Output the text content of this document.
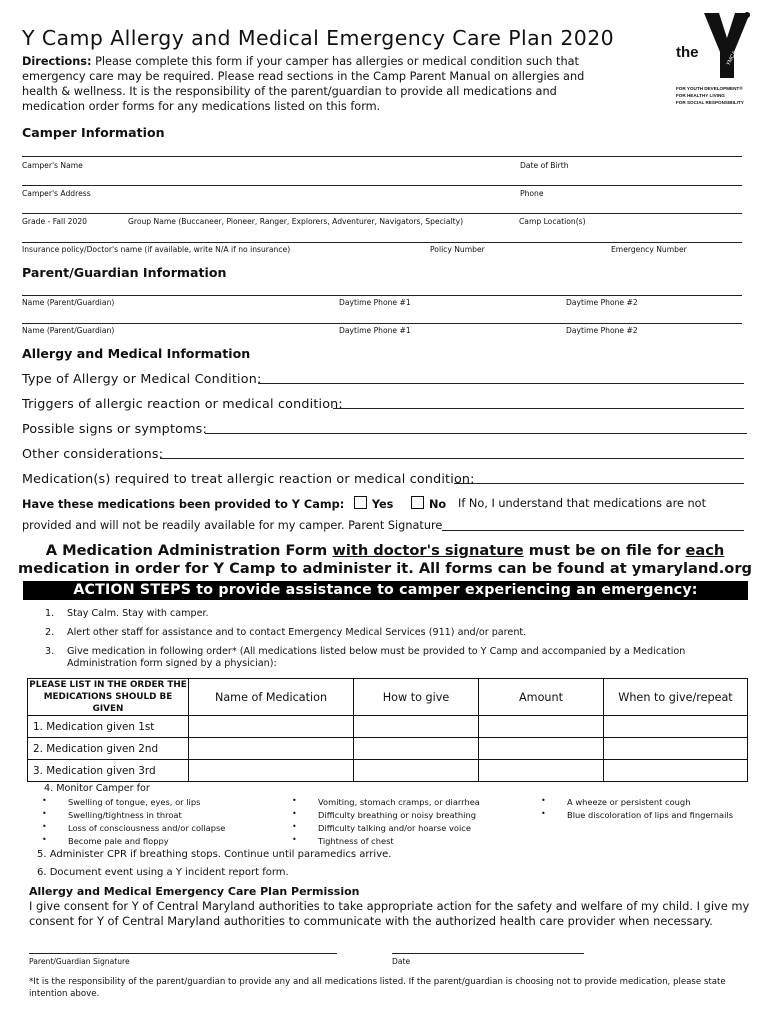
Y Camp Allergy and Medical Emergency Care Plan 2020
Directions: Please complete this form if your camper has allergies or medical condition such that emergency care may be required. Please read sections in the Camp Parent Manual on allergies and health & wellness. It is the responsibility of the parent/guardian to provide all medications and medication order forms for any medications listed on this form.
the	YMCA
FOR YOUTH DEVELOPMENT®
FOR HEALTHY LIVING
FOR SOCIAL RESPONSIBILITY
Camper Information
Camper's Name	Date of Birth
Camper's Address	Phone
Grade - Fall 2020	Group Name (Buccaneer, Pioneer, Ranger, Explorers, Adventurer, Navigators, Specialty)	Camp Location(s)
Insurance policy/Doctor's name (if available, write N/A if no insurance)	Policy Number	Emergency Number
Parent/Guardian Information
Name (Parent/Guardian)	Daytime Phone #1	Daytime Phone #2
Name (Parent/Guardian)	Daytime Phone #1	Daytime Phone #2
Allergy and Medical Information
Type of Allergy or Medical Condition:
Triggers of allergic reaction or medical condition:
Possible signs or symptoms:
Other considerations:
Medication(s) required to treat allergic reaction or medical condition:
Have these medications been provided to Y Camp: Yes	No If No, I understand that medications are not
provided and will not be readily available for my camper. Parent Signature
A Medication Administration Form with doctor's signature must be on file for each
medication in order for Y Camp to administer it. All forms can be found at ymaryland.org
ACTION STEPS to provide assistance to camper experiencing an emergency:
1. Stay Calm. Stay with camper.
2. Alert other staff for assistance and to contact Emergency Medical Services (911) and/or parent.
3. Give medication in following order* (All medications listed below must be provided to Y Camp and accompanied by a Medication
Administration form signed by a physician):
PLEASE LIST IN THE ORDER THE
MEDICATIONS SHOULD BE GIVEN	Name of Medication	How to give	Amount	When to give/repeat
1. Medication given 1st				
2. Medication given 2nd				
3. Medication given 3rd				
4. Monitor Camper for
•	Swelling of tongue, eyes, or lips
•	Swelling/tightness in throat
•	Loss of consciousness and/or collapse
•	Become pale and floppy
•	Vomiting, stomach cramps, or diarrhea
•	Difficulty breathing or noisy breathing
•	Difficulty talking and/or hoarse voice
•	Tightness of chest
•	A wheeze or persistent cough
•	Blue discoloration of lips and fingernails
5. Administer CPR if breathing stops. Continue until paramedics arrive.
6. Document event using a Y incident report form.
Allergy and Medical Emergency Care Plan Permission
I give consent for Y of Central Maryland authorities to take appropriate action for the safety and welfare of my child. I give my consent for Y of Central Maryland authorities to communicate with the authorized health care provider when necessary.
Parent/Guardian Signature	Date
*It is the responsibility of the parent/guardian to provide any and all medications listed. If the parent/guardian is choosing not to provide medication, please state intention above.
